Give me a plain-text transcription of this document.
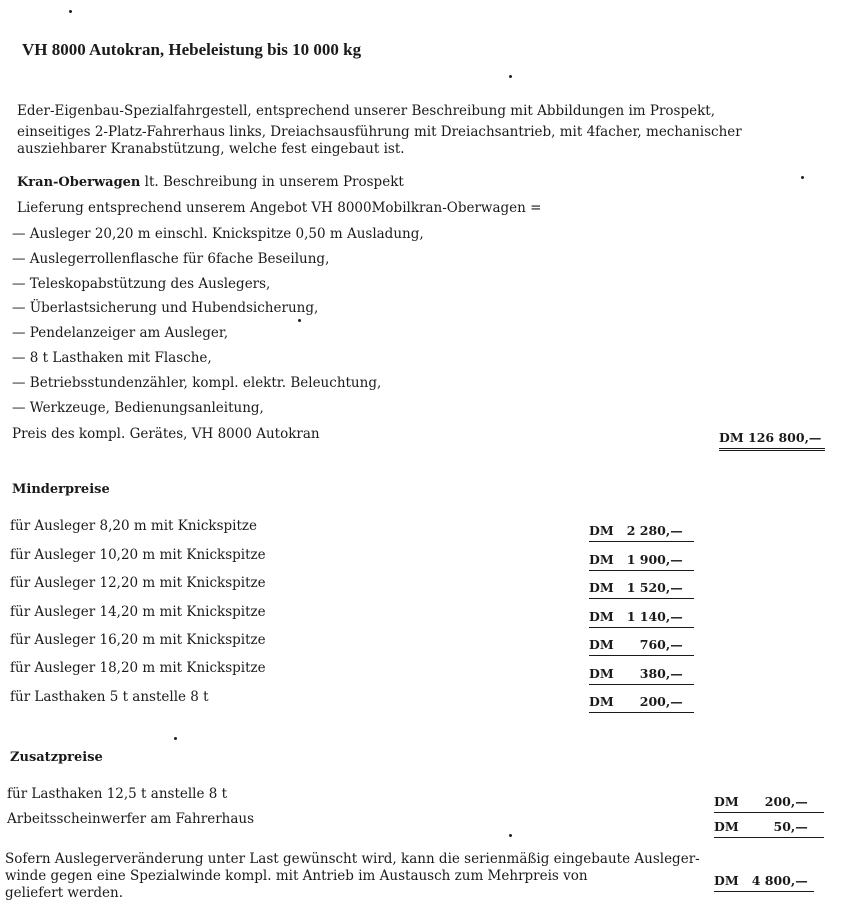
VH 8000 Autokran, Hebeleistung bis 10 000 kg
Eder-Eigenbau-Spezialfahrgestell, entsprechend unserer Beschreibung mit Abbildungen im Prospekt,
einseitiges 2-Platz-Fahrerhaus links, Dreiachsausführung mit Dreiachsantrieb, mit 4facher, mechanischer
ausziehbarer Kranabstützung, welche fest eingebaut ist.
Kran-Oberwagen lt. Beschreibung in unserem Prospekt
Lieferung entsprechend unserem Angebot VH 8000Mobilkran-Oberwagen =
— Ausleger 20,20 m einschl. Knickspitze 0,50 m Ausladung,
— Auslegerrollenflasche für 6fache Beseilung,
— Teleskopabstützung des Auslegers,
— Überlastsicherung und Hubendsicherung,
— Pendelanzeiger am Ausleger,
— 8 t Lasthaken mit Flasche,
— Betriebsstundenzähler, kompl. elektr. Beleuchtung,
— Werkzeuge, Bedienungsanleitung,
Preis des kompl. Gerätes, VH 8000 Autokran	DM 126 800,—
Minderpreise
für Ausleger 8,20 m mit Knickspitze	DM   2 280,—
für Ausleger 10,20 m mit Knickspitze	DM   1 900,—
für Ausleger 12,20 m mit Knickspitze	DM   1 520,—
für Ausleger 14,20 m mit Knickspitze	DM   1 140,—
für Ausleger 16,20 m mit Knickspitze	DM      760,—
für Ausleger 18,20 m mit Knickspitze	DM      380,—
für Lasthaken 5 t anstelle 8 t	DM      200,—
Zusatzpreise
für Lasthaken 12,5 t anstelle 8 t	DM      200,—
Arbeitsscheinwerfer am Fahrerhaus	DM        50,—
Sofern Auslegerveränderung unter Last gewünscht wird, kann die serienmäßig eingebaute Ausleger-
winde gegen eine Spezialwinde kompl. mit Antrieb im Austausch zum Mehrpreis von
geliefert werden.
DM   4 800,—
